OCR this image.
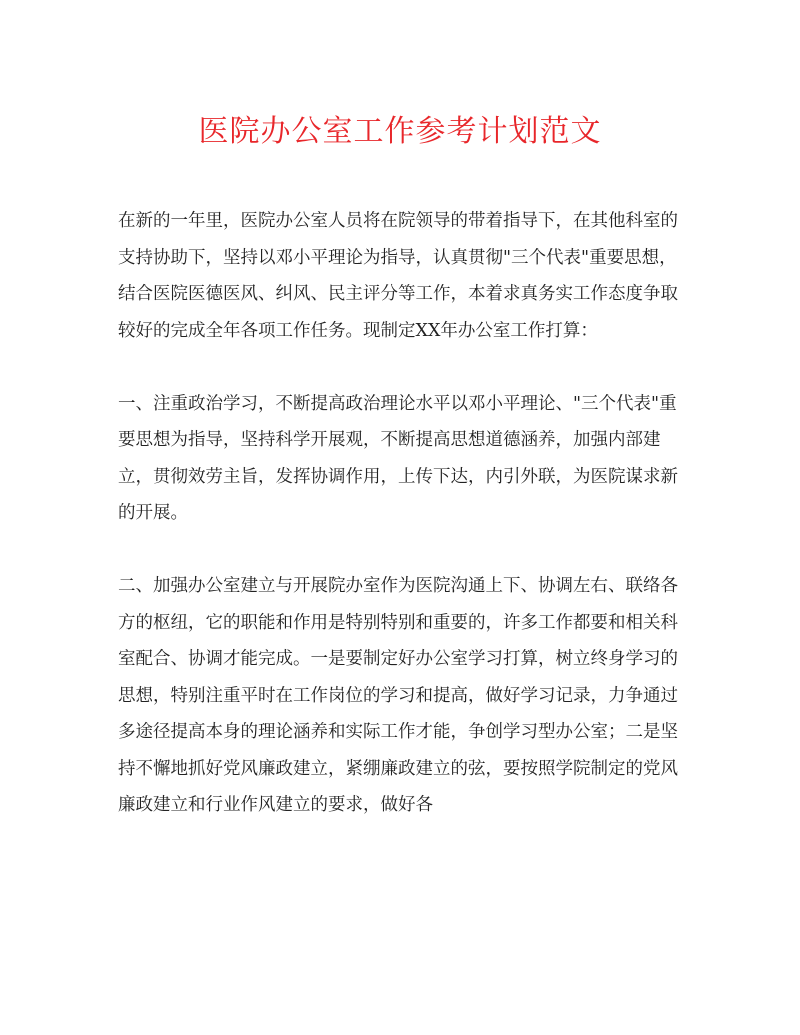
医院办公室工作参考计划范文

在新的一年里，医院办公室人员将在院领导的带着指导下，在其他科室的支持协助下，坚持以邓小平理论为指导，认真贯彻"三个代表"重要思想，结合医院医德医风、纠风、民主评分等工作，本着求真务实工作态度争取较好的完成全年各项工作任务。现制定XX年办公室工作打算：

一、注重政治学习，不断提高政治理论水平以邓小平理论、"三个代表"重要思想为指导，坚持科学开展观，不断提高思想道德涵养，加强内部建立，贯彻效劳主旨，发挥协调作用，上传下达，内引外联，为医院谋求新的开展。

二、加强办公室建立与开展院办室作为医院沟通上下、协调左右、联络各方的枢纽，它的职能和作用是特别特别和重要的，许多工作都要和相关科室配合、协调才能完成。一是要制定好办公室学习打算，树立终身学习的思想，特别注重平时在工作岗位的学习和提高，做好学习记录，力争通过多途径提高本身的理论涵养和实际工作才能，争创学习型办公室；二是坚持不懈地抓好党风廉政建立，紧绷廉政建立的弦，要按照学院制定的党风廉政建立和行业作风建立的要求，做好各
